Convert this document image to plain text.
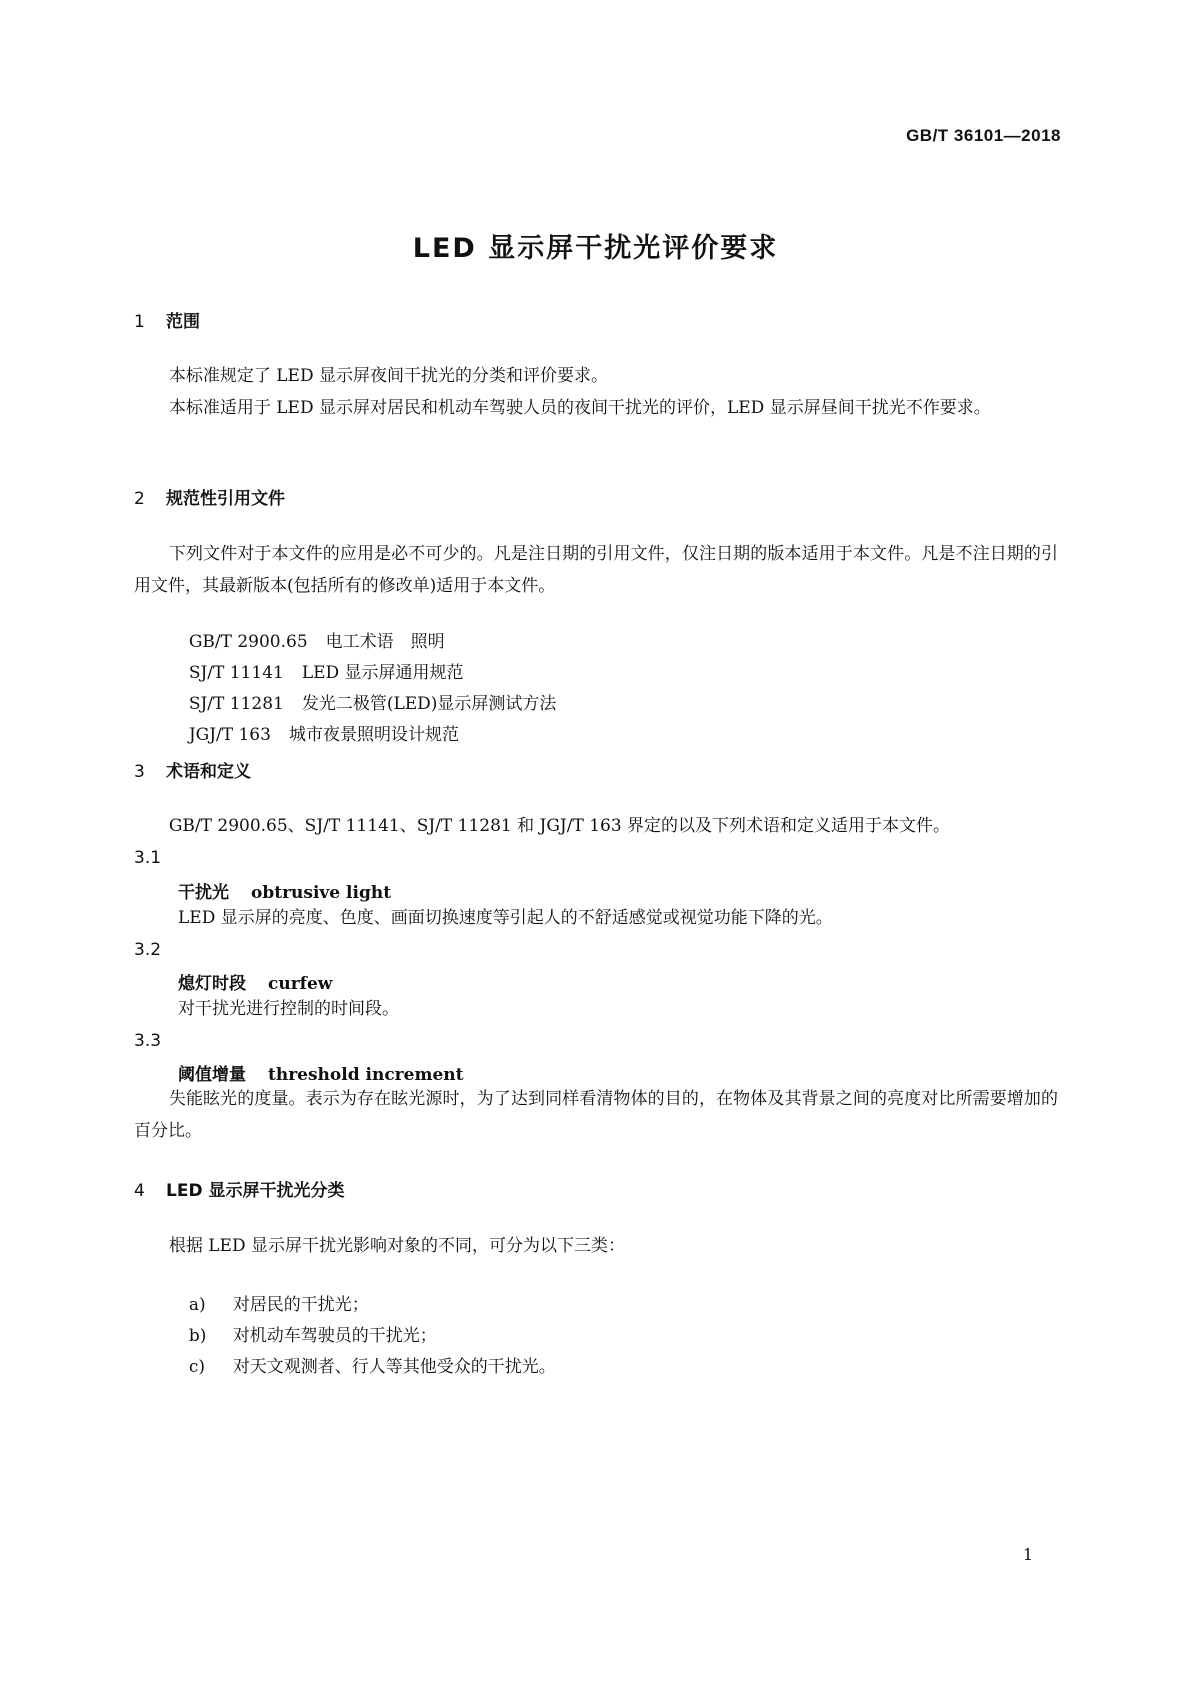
GB/T 36101—2018
LED 显示屏干扰光评价要求
1 范围
本标准规定了 LED 显示屏夜间干扰光的分类和评价要求。
本标准适用于 LED 显示屏对居民和机动车驾驶人员的夜间干扰光的评价，LED 显示屏昼间干扰光不作要求。
2 规范性引用文件
下列文件对于本文件的应用是必不可少的。凡是注日期的引用文件，仅注日期的版本适用于本文件。凡是不注日期的引用文件，其最新版本(包括所有的修改单)适用于本文件。

GB/T 2900.65 电工术语　照明

SJ/T 11141 LED 显示屏通用规范

SJ/T 11281 发光二极管(LED)显示屏测试方法

JGJ/T 163 城市夜景照明设计规范

3 术语和定义
GB/T 2900.65、SJ/T 11141、SJ/T 11281 和 JGJ/T 163 界定的以及下列术语和定义适用于本文件。
3.1
干扰光 obtrusive light
LED 显示屏的亮度、色度、画面切换速度等引起人的不舒适感觉或视觉功能下降的光。
3.2
熄灯时段 curfew
对干扰光进行控制的时间段。
3.3
阈值增量 threshold increment
失能眩光的度量。表示为存在眩光源时，为了达到同样看清物体的目的，在物体及其背景之间的亮度对比所需要增加的百分比。
4 LED 显示屏干扰光分类
根据 LED 显示屏干扰光影响对象的不同，可分为以下三类：

a) 对居民的干扰光；

b) 对机动车驾驶员的干扰光；

c) 对天文观测者、行人等其他受众的干扰光。

1
